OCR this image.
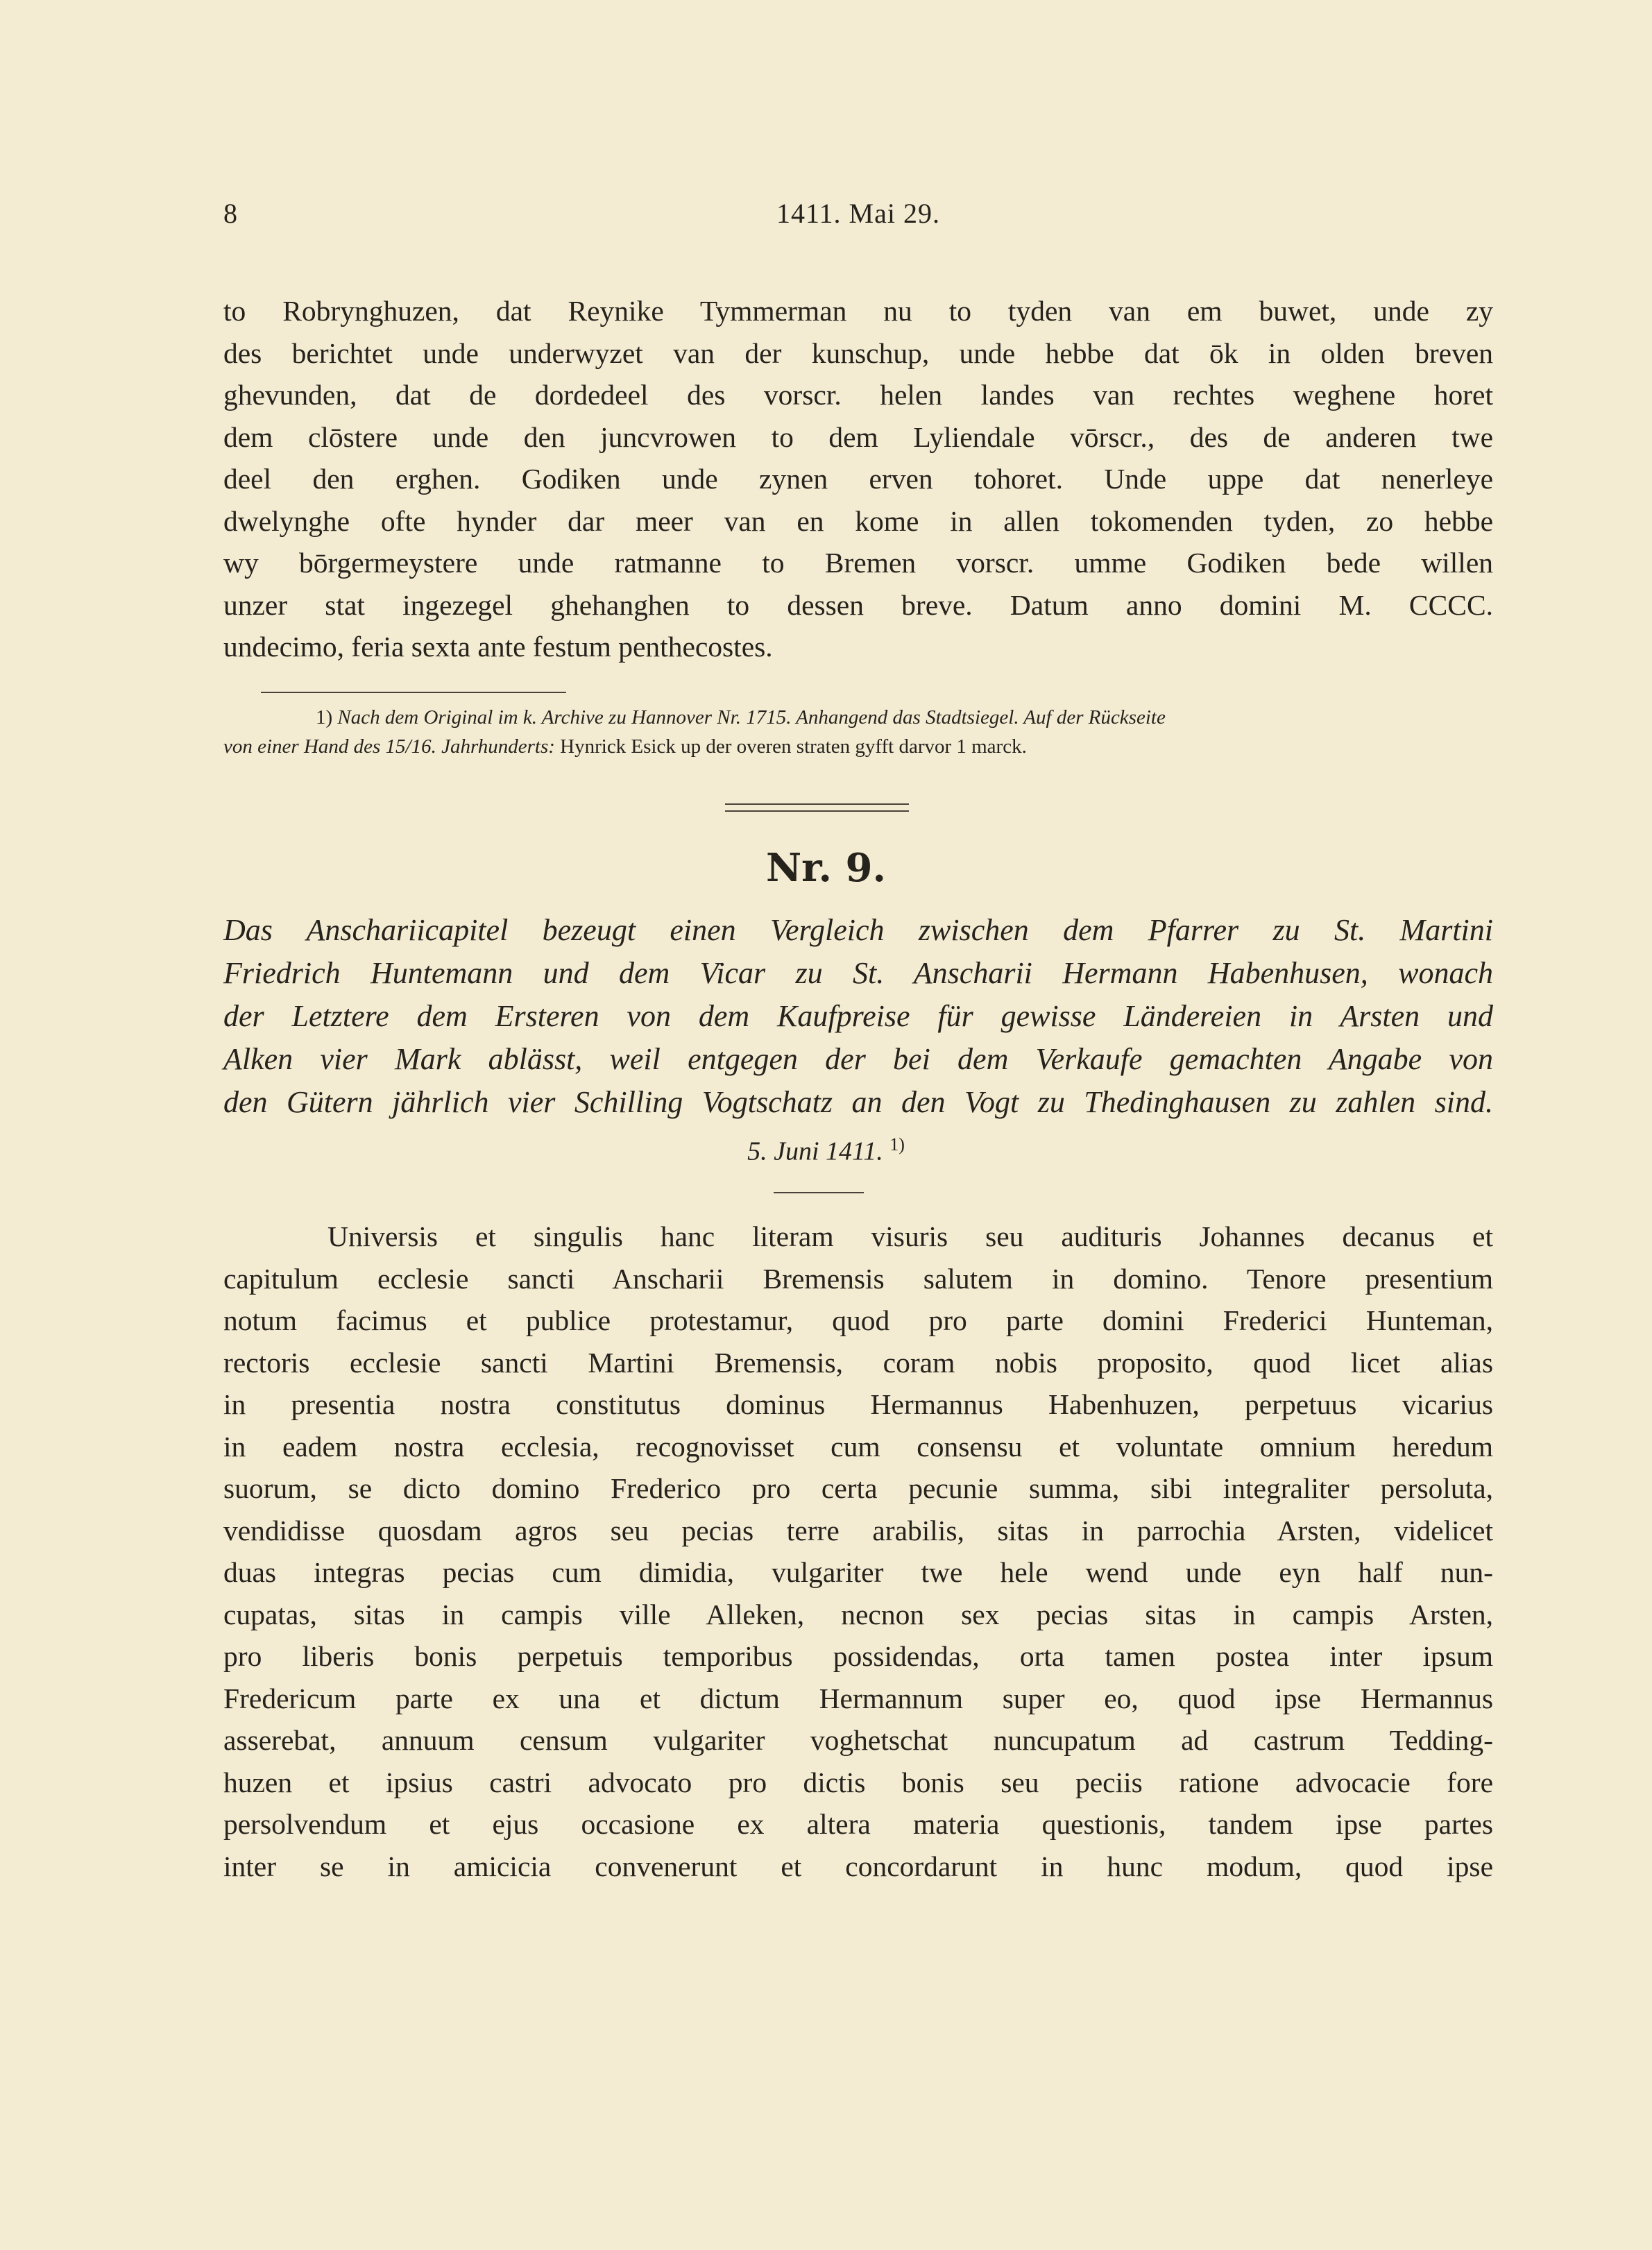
8	1411. Mai 29.
to Robrynghuzen, dat Reynike Tymmerman nu to tyden van em buwet, unde zy
des berichtet unde underwyzet van der kunschup, unde hebbe dat ōk in olden breven
ghevunden, dat de dordedeel des vorscr. helen landes van rechtes weghene horet
dem clōstere unde den juncvrowen to dem Lyliendale vōrscr., des de anderen twe
deel den erghen. Godiken unde zynen erven tohoret. Unde uppe dat nenerleye
dwelynghe ofte hynder dar meer van en kome in allen tokomenden tyden, zo hebbe
wy bōrgermeystere unde ratmanne to Bremen vorscr. umme Godiken bede willen
unzer stat ingezegel ghehanghen to dessen breve. Datum anno domini M. CCCC.
undecimo, feria sexta ante festum penthecostes.
1) Nach dem Original im k. Archive zu Hannover Nr. 1715. Anhangend das Stadtsiegel. Auf der Rückseite
von einer Hand des 15/16. Jahrhunderts: Hynrick Esick up der overen straten gyfft darvor 1 marck.
Nr. 9.
Das Anschariicapitel bezeugt einen Vergleich zwischen dem Pfarrer zu St. Martini
Friedrich Huntemann und dem Vicar zu St. Anscharii Hermann Habenhusen, wonach
der Letztere dem Ersteren von dem Kaufpreise für gewisse Ländereien in Arsten und
Alken vier Mark ablässt, weil entgegen der bei dem Verkaufe gemachten Angabe von
den Gütern jährlich vier Schilling Vogtschatz an den Vogt zu Thedinghausen zu zahlen sind.
5. Juni 1411. $^{1)}$
Universis et singulis hanc literam visuris seu audituris Johannes decanus et
capitulum ecclesie sancti Anscharii Bremensis salutem in domino. Tenore presentium
notum facimus et publice protestamur, quod pro parte domini Frederici Hunteman,
rectoris ecclesie sancti Martini Bremensis, coram nobis proposito, quod licet alias
in presentia nostra constitutus dominus Hermannus Habenhuzen, perpetuus vicarius
in eadem nostra ecclesia, recognovisset cum consensu et voluntate omnium heredum
suorum, se dicto domino Frederico pro certa pecunie summa, sibi integraliter persoluta,
vendidisse quosdam agros seu pecias terre arabilis, sitas in parrochia Arsten, videlicet
duas integras pecias cum dimidia, vulgariter twe hele wend unde eyn half nun-
cupatas, sitas in campis ville Alleken, necnon sex pecias sitas in campis Arsten,
pro liberis bonis perpetuis temporibus possidendas, orta tamen postea inter ipsum
Fredericum parte ex una et dictum Hermannum super eo, quod ipse Hermannus
asserebat, annuum censum vulgariter voghetschat nuncupatum ad castrum Tedding-
huzen et ipsius castri advocato pro dictis bonis seu peciis ratione advocacie fore
persolvendum et ejus occasione ex altera materia questionis, tandem ipse partes
inter se in amicicia convenerunt et concordarunt in hunc modum, quod ipse
